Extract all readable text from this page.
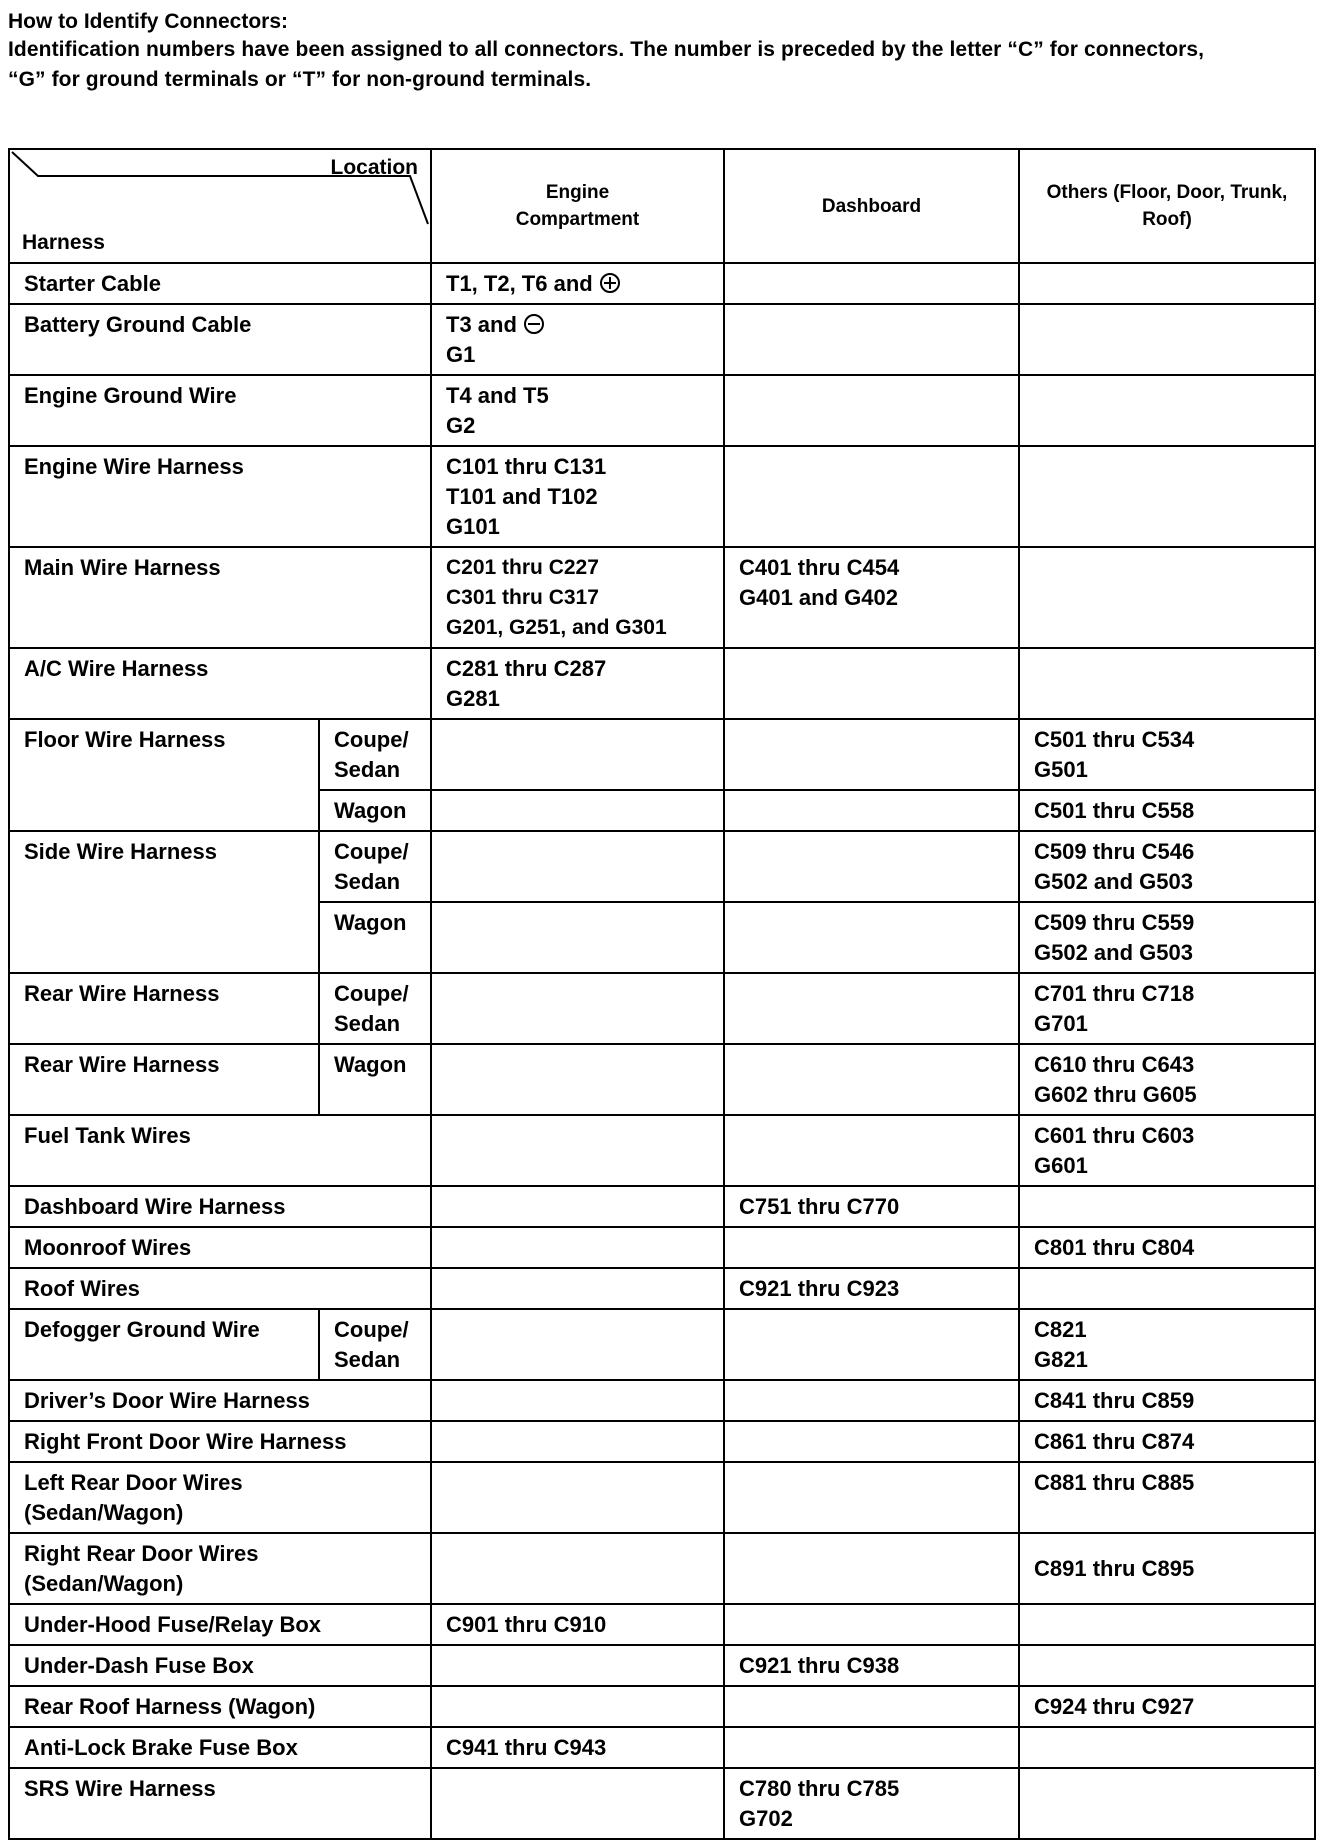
How to Identify Connectors:
Identification numbers have been assigned to all connectors. The number is preceded by the letter “C” for connectors,
“G” for ground terminals or “T” for non-ground terminals.

Location

Harness		Engine
Compartment	Dashboard	Others (Floor, Door, Trunk,
Roof)
Starter Cable		T1, T2, T6 and		
Battery Ground Cable		T3 and
G1		
Engine Ground Wire		T4 and T5
G2		
Engine Wire Harness		C101 thru C131
T101 and T102
G101		
Main Wire Harness		C201 thru C227
C301 thru C317
G201, G251, and G301	C401 thru C454
G401 and G402	
A/C Wire Harness		C281 thru C287
G281		
Floor Wire Harness	Coupe/
Sedan			C501 thru C534
G501
	Wagon			C501 thru C558
Side Wire Harness	Coupe/
Sedan			C509 thru C546
G502 and G503
	Wagon			C509 thru C559
G502 and G503
Rear Wire Harness	Coupe/
Sedan			C701 thru C718
G701
Rear Wire Harness	Wagon			C610 thru C643
G602 thru G605
Fuel Tank Wires				C601 thru C603
G601
Dashboard Wire Harness			C751 thru C770	
Moonroof Wires				C801 thru C804
Roof Wires			C921 thru C923	
Defogger Ground Wire	Coupe/
Sedan			C821
G821
Driver’s Door Wire Harness				C841 thru C859
Right Front Door Wire Harness				C861 thru C874
Left Rear Door Wires
(Sedan/Wagon)				C881 thru C885
Right Rear Door Wires
(Sedan/Wagon)				C891 thru C895
Under-Hood Fuse/Relay Box		C901 thru C910		
Under-Dash Fuse Box			C921 thru C938	
Rear Roof Harness (Wagon)				C924 thru C927
Anti-Lock Brake Fuse Box		C941 thru C943		
SRS Wire Harness			C780 thru C785
G702	
